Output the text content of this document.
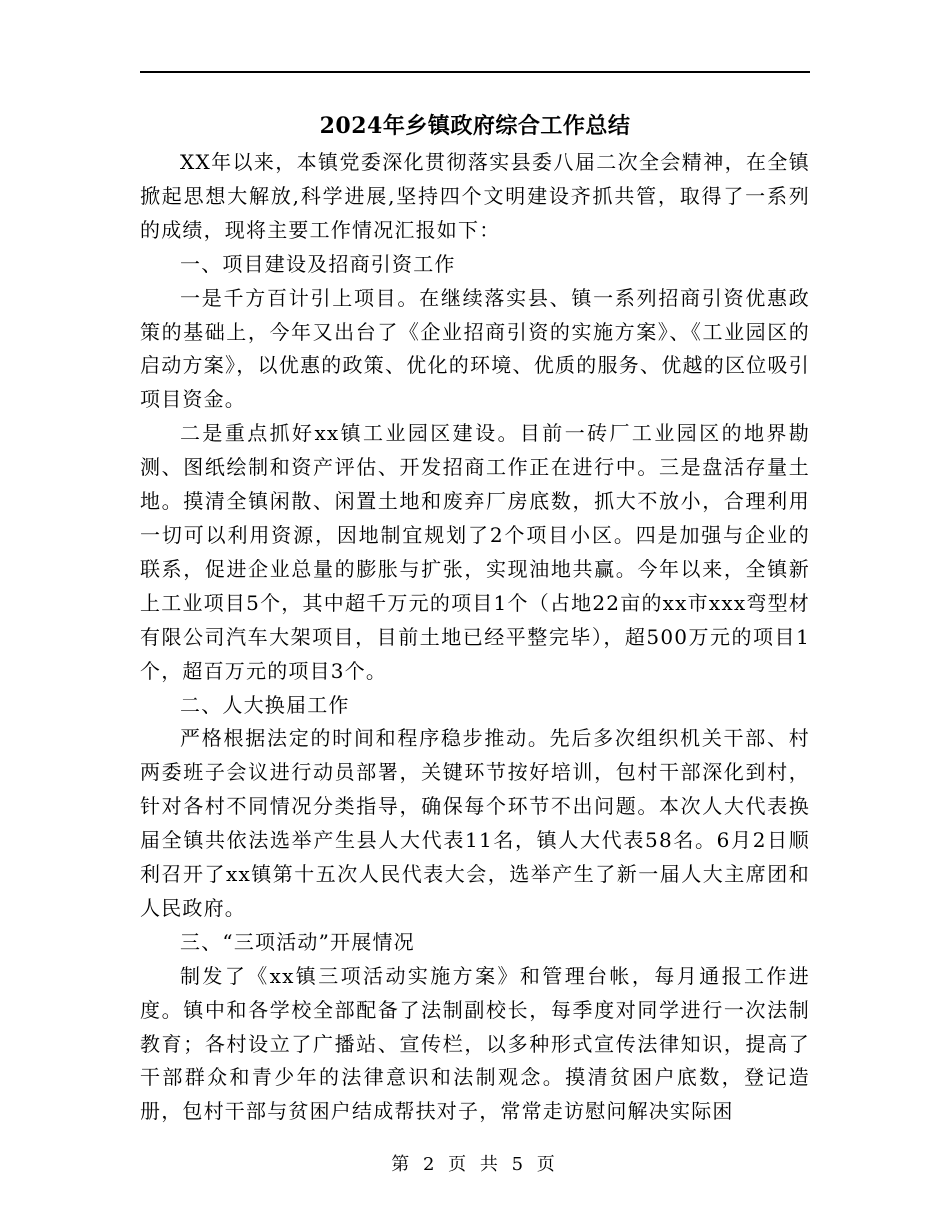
2024年乡镇政府综合工作总结

XX年以来，本镇党委深化贯彻落实县委八届二次全会精神，在全镇掀起思想大解放,科学进展,坚持四个文明建设齐抓共管，取得了一系列的成绩，现将主要工作情况汇报如下：

一、项目建设及招商引资工作

一是千方百计引上项目。在继续落实县、镇一系列招商引资优惠政策的基础上，今年又出台了《企业招商引资的实施方案》、《工业园区的启动方案》，以优惠的政策、优化的环境、优质的服务、优越的区位吸引项目资金。

二是重点抓好xx镇工业园区建设。目前一砖厂工业园区的地界勘测、图纸绘制和资产评估、开发招商工作正在进行中。三是盘活存量土地。摸清全镇闲散、闲置土地和废弃厂房底数，抓大不放小，合理利用一切可以利用资源，因地制宜规划了2个项目小区。四是加强与企业的联系，促进企业总量的膨胀与扩张，实现油地共赢。今年以来，全镇新上工业项目5个，其中超千万元的项目1个（占地22亩的xx市xxx弯型材有限公司汽车大架项目，目前土地已经平整完毕），超500万元的项目1个，超百万元的项目3个。

二、人大换届工作

严格根据法定的时间和程序稳步推动。先后多次组织机关干部、村两委班子会议进行动员部署，关键环节按好培训，包村干部深化到村，针对各村不同情况分类指导，确保每个环节不出问题。本次人大代表换届全镇共依法选举产生县人大代表11名，镇人大代表58名。6月2日顺利召开了xx镇第十五次人民代表大会，选举产生了新一届人大主席团和人民政府。

三、“三项活动”开展情况

制发了《xx镇三项活动实施方案》和管理台帐，每月通报工作进度。镇中和各学校全部配备了法制副校长，每季度对同学进行一次法制教育；各村设立了广播站、宣传栏，以多种形式宣传法律知识，提高了干部群众和青少年的法律意识和法制观念。摸清贫困户底数，登记造册，包村干部与贫困户结成帮扶对子，常常走访慰问解决实际困

第 2 页 共 5 页
